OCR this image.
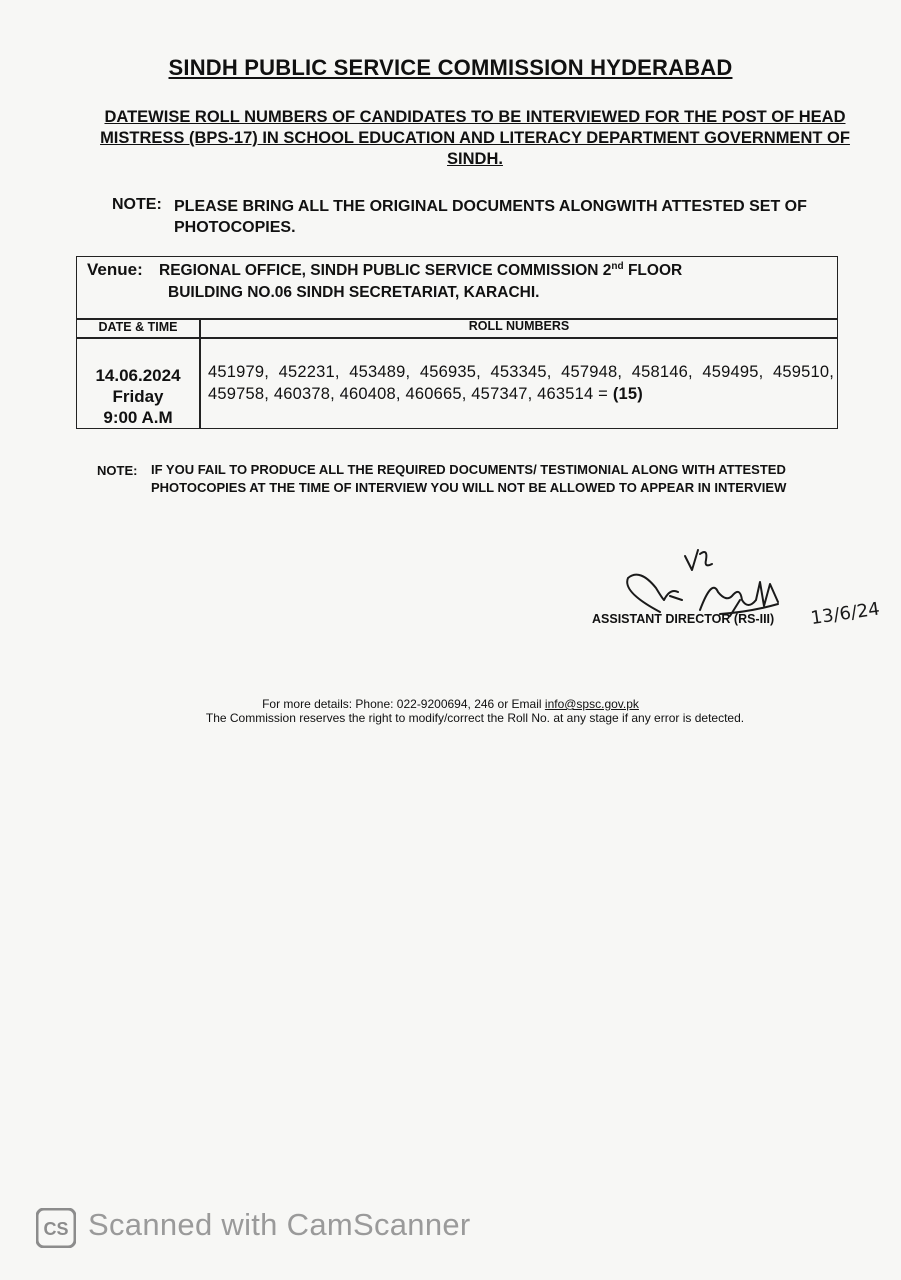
SINDH PUBLIC SERVICE COMMISSION HYDERABAD
DATEWISE ROLL NUMBERS OF CANDIDATES TO BE INTERVIEWED FOR THE POST OF HEAD MISTRESS (BPS-17) IN SCHOOL EDUCATION AND LITERACY DEPARTMENT GOVERNMENT OF SINDH.
NOTE: PLEASE BRING ALL THE ORIGINAL DOCUMENTS ALONGWITH ATTESTED SET OF PHOTOCOPIES.
Venue: REGIONAL OFFICE, SINDH PUBLIC SERVICE COMMISSION 2nd FLOOR
BUILDING NO.06 SINDH SECRETARIAT, KARACHI.
DATE & TIME	ROLL NUMBERS
14.06.2024
Friday
9:00 A.M
451979, 452231, 453489, 456935, 453345, 457948, 458146, 459495, 459510, 459758, 460378, 460408, 460665, 457347, 463514 = (15)
NOTE: IF YOU FAIL TO PRODUCE ALL THE REQUIRED DOCUMENTS/ TESTIMONIAL ALONG WITH ATTESTED PHOTOCOPIES AT THE TIME OF INTERVIEW YOU WILL NOT BE ALLOWED TO APPEAR IN INTERVIEW
13/6/24
ASSISTANT DIRECTOR (RS-III)
For more details: Phone: 022-9200694, 246 or Email info@spsc.gov.pk
The Commission reserves the right to modify/correct the Roll No. at any stage if any error is detected.
CS Scanned with CamScanner
